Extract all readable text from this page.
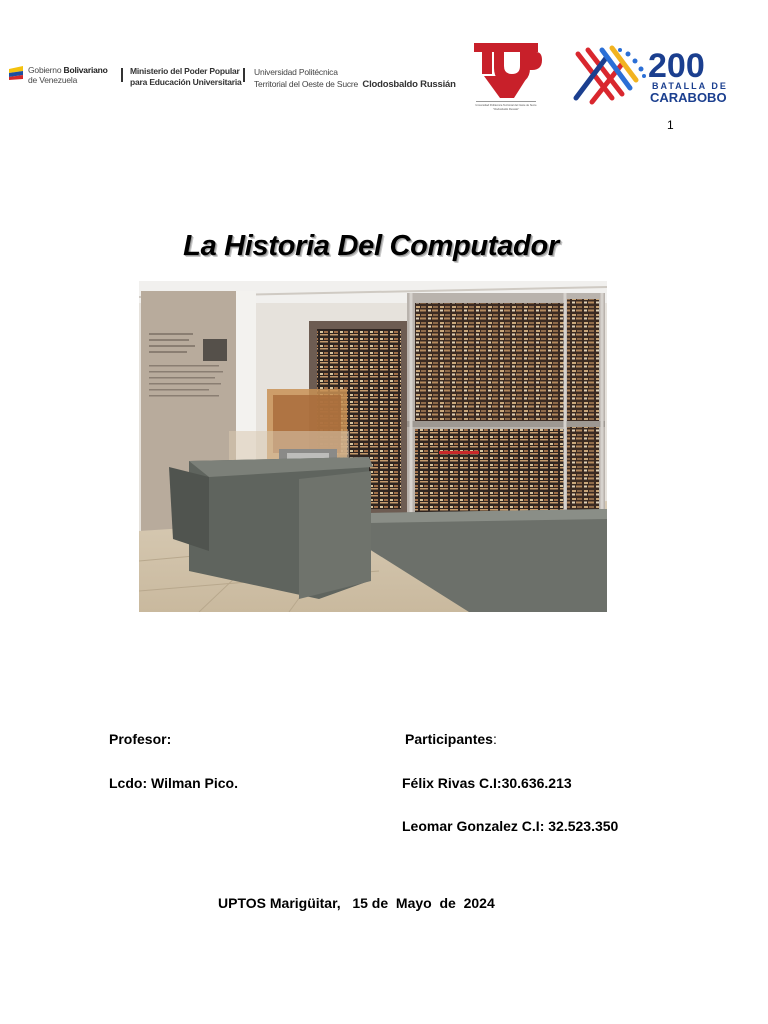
Gobierno Bolivariano
de Venezuela
Ministerio del Poder Popular
para Educación Universitaria
Universidad Politécnica
Territorial del Oeste de Sucre Clodosbaldo Russián
Universidad Politécnica Territorial del Oeste de Sucre
"Clodosbaldo Russián"
200
BATALLA DE
CARABOBO
1
La Historia Del Computador
Profesor:	Participantes:
Lcdo: Wilman Pico.	Félix Rivas C.I:30.636.213
Leomar Gonzalez C.I: 32.523.350
UPTOS Marigüitar, 15 de  Mayo  de  2024
